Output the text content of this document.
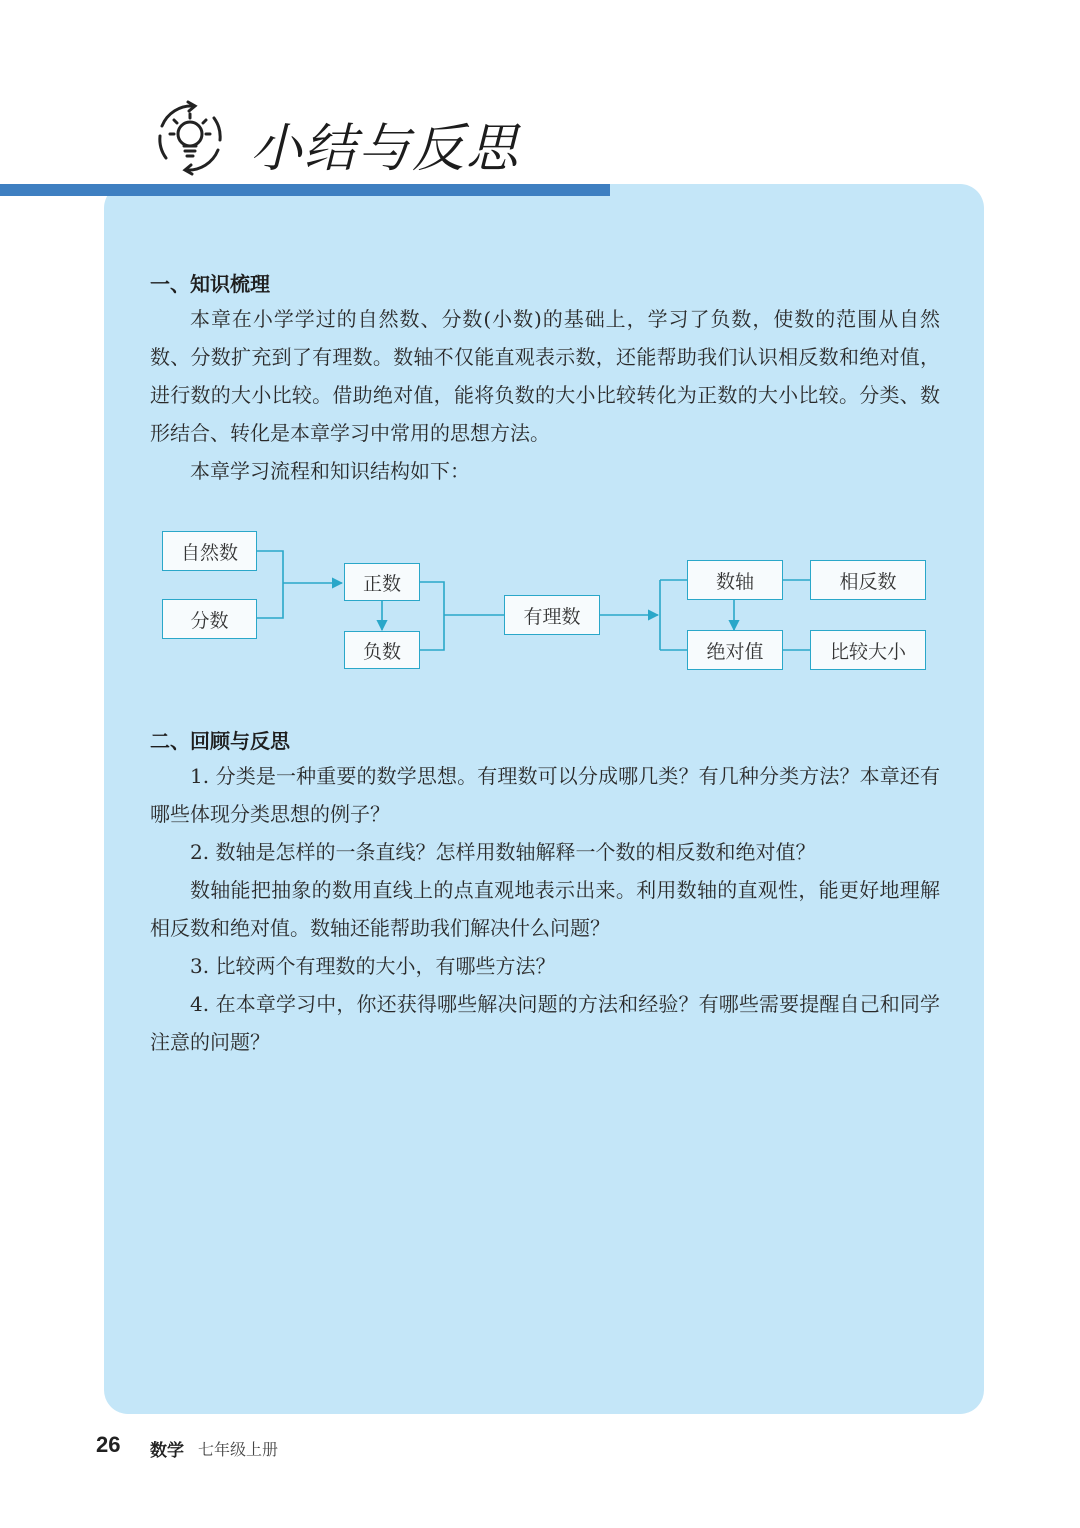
小结与反思
一、知识梳理
本章在小学学过的自然数、分数(小数)的基础上，学习了负数，使数的范围从自然数、分数扩充到了有理数。数轴不仅能直观表示数，还能帮助我们认识相反数和绝对值，进行数的大小比较。借助绝对值，能将负数的大小比较转化为正数的大小比较。分类、数形结合、转化是本章学习中常用的思想方法。
本章学习流程和知识结构如下：
自然数
分数
正数
负数
有理数
数轴
绝对值
相反数
比较大小
二、回顾与反思
1. 分类是一种重要的数学思想。有理数可以分成哪几类？有几种分类方法？本章还有哪些体现分类思想的例子？
2. 数轴是怎样的一条直线？怎样用数轴解释一个数的相反数和绝对值？
数轴能把抽象的数用直线上的点直观地表示出来。利用数轴的直观性，能更好地理解相反数和绝对值。数轴还能帮助我们解决什么问题？
3. 比较两个有理数的大小，有哪些方法？
4. 在本章学习中，你还获得哪些解决问题的方法和经验？有哪些需要提醒自己和同学注意的问题？
26 数学 七年级上册
